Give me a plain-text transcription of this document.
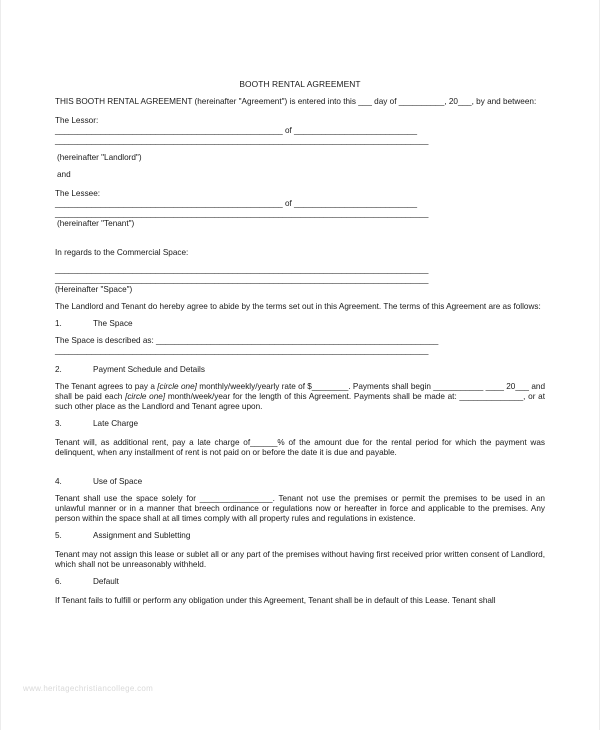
BOOTH RENTAL AGREEMENT

THIS BOOTH RENTAL AGREEMENT (hereinafter "Agreement") is entered into this ___ day of __________, 20___, by and between:

The Lessor:

__________________________________________________ of ___________________________

__________________________________________________________________________________

(hereinafter "Landlord")

and

The Lessee:

__________________________________________________ of ___________________________

__________________________________________________________________________________

(hereinafter "Tenant")

In regards to the Commercial Space:

__________________________________________________________________________________

__________________________________________________________________________________

(Hereinafter "Space")

The Landlord and Tenant do hereby agree to abide by the terms set out in this Agreement. The terms of this Agreement are as follows:

1.	The Space

The Space is described as: ______________________________________________________________

__________________________________________________________________________________

2.	Payment Schedule and Details

The Tenant agrees to pay a [circle one] monthly/weekly/yearly rate of $________. Payments shall begin ___________ ____ 20___ and shall be paid each [circle one] month/week/year for the length of this Agreement. Payments shall be made at: ______________, or at such other place as the Landlord and Tenant agree upon.

3.	Late Charge

Tenant will, as additional rent, pay a late charge of______% of the amount due for the rental period for which the payment was delinquent, when any installment of rent is not paid on or before the date it is due and payable.

4.	Use of Space

Tenant shall use the space solely for ________________. Tenant not use the premises or permit the premises to be used in an unlawful manner or in a manner that breech ordinance or regulations now or hereafter in force and applicable to the premises. Any person within the space shall at all times comply with all property rules and regulations in existence.

5.	Assignment and Subletting

Tenant may not assign this lease or sublet all or any part of the premises without having first received prior written consent of Landlord, which shall not be unreasonably withheld.

6.	Default

If Tenant fails to fulfill or perform any obligation under this Agreement, Tenant shall be in default of this Lease. Tenant shall

www.heritagechristiancollege.com
